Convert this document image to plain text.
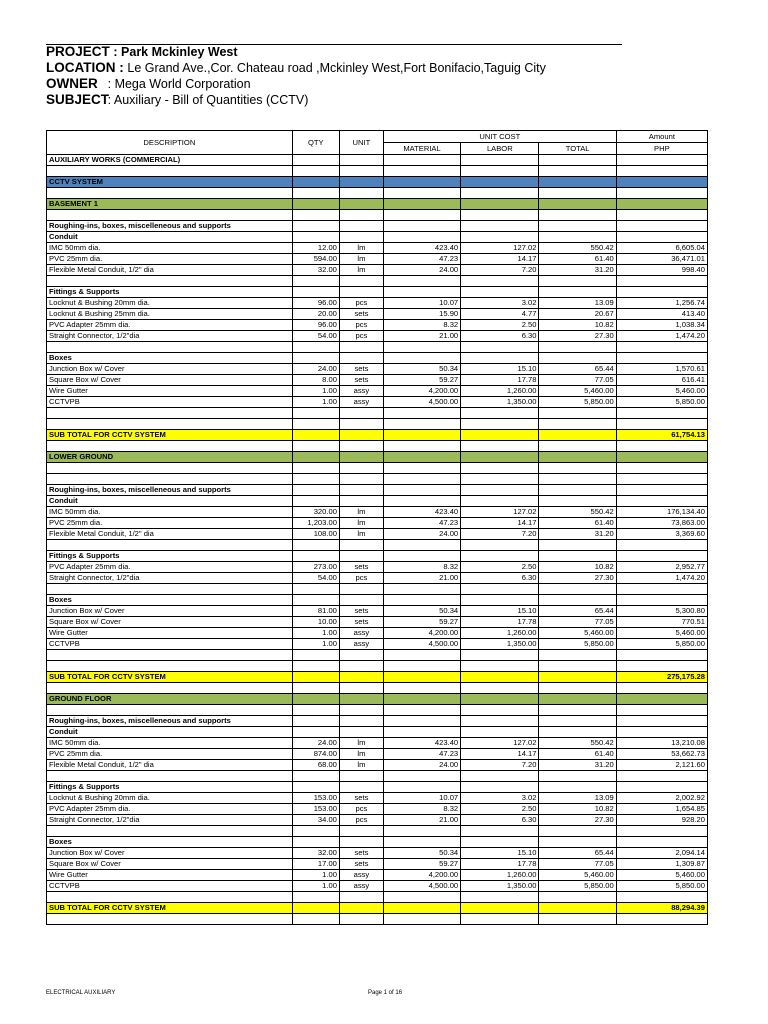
PROJECT : Park Mckinley West
LOCATION : Le Grand Ave.,Cor. Chateau road ,Mckinley West,Fort Bonifacio,Taguig City
OWNER : Mega World Corporation
SUBJECT : Auxiliary - Bill of Quantities (CCTV)
DESCRIPTION	QTY	UNIT	UNIT COST			Amount
			MATERIAL	LABOR	TOTAL	PHP
AUXILIARY WORKS (COMMERCIAL)						

CCTV SYSTEM						

BASEMENT 1						

Roughing-ins, boxes, miscelleneous and supports						
Conduit						
IMC 50mm dia.	12.00	lm	423.40	127.02	550.42	6,605.04
PVC 25mm dia.	594.00	lm	47.23	14.17	61.40	36,471.01
Flexible Metal Conduit, 1/2" dia	32.00	lm	24.00	7.20	31.20	998.40

Fittings & Supports						
Locknut & Bushing 20mm dia.	96.00	pcs	10.07	3.02	13.09	1,256.74
Locknut & Bushing 25mm dia.	20.00	sets	15.90	4.77	20.67	413.40
PVC Adapter 25mm dia.	96.00	pcs	8.32	2.50	10.82	1,038.34
Straight Connector, 1/2"dia	54.00	pcs	21.00	6.30	27.30	1,474.20

Boxes						
Junction Box w/ Cover	24.00	sets	50.34	15.10	65.44	1,570.61
Square Box w/ Cover	8.00	sets	59.27	17.78	77.05	616.41
Wire Gutter	1.00	assy	4,200.00	1,260.00	5,460.00	5,460.00
CCTVPB	1.00	assy	4,500.00	1,350.00	5,850.00	5,850.00

SUB TOTAL FOR CCTV SYSTEM						61,754.13

LOWER GROUND						

Roughing-ins, boxes, miscelleneous and supports						
Conduit						
IMC 50mm dia.	320.00	lm	423.40	127.02	550.42	176,134.40
PVC 25mm dia.	1,203.00	lm	47.23	14.17	61.40	73,863.00
Flexible Metal Conduit, 1/2" dia	108.00	lm	24.00	7.20	31.20	3,369.60

Fittings & Supports						
PVC Adapter 25mm dia.	273.00	sets	8.32	2.50	10.82	2,952.77
Straight Connector, 1/2"dia	54.00	pcs	21.00	6.30	27.30	1,474.20

Boxes						
Junction Box w/ Cover	81.00	sets	50.34	15.10	65.44	5,300.80
Square Box w/ Cover	10.00	sets	59.27	17.78	77.05	770.51
Wire Gutter	1.00	assy	4,200.00	1,260.00	5,460.00	5,460.00
CCTVPB	1.00	assy	4,500.00	1,350.00	5,850.00	5,850.00

SUB TOTAL FOR CCTV SYSTEM						275,175.28

GROUND FLOOR						

Roughing-ins, boxes, miscelleneous and supports						
Conduit						
IMC 50mm dia.	24.00	lm	423.40	127.02	550.42	13,210.08
PVC 25mm dia.	874.00	lm	47.23	14.17	61.40	53,662.73
Flexible Metal Conduit, 1/2" dia	68.00	lm	24.00	7.20	31.20	2,121.60

Fittings & Supports						
Locknut & Bushing 20mm dia.	153.00	sets	10.07	3.02	13.09	2,002.92
PVC Adapter 25mm dia.	153.00	pcs	8.32	2.50	10.82	1,654.85
Straight Connector, 1/2"dia	34.00	pcs	21.00	6.30	27.30	928.20

Boxes						
Junction Box w/ Cover	32.00	sets	50.34	15.10	65.44	2,094.14
Square Box w/ Cover	17.00	sets	59.27	17.78	77.05	1,309.87
Wire Gutter	1.00	assy	4,200.00	1,260.00	5,460.00	5,460.00
CCTVPB	1.00	assy	4,500.00	1,350.00	5,850.00	5,850.00

SUB TOTAL FOR CCTV SYSTEM						88,294.39

ELECTRICAL AUXILIARY	Page 1 of 16
